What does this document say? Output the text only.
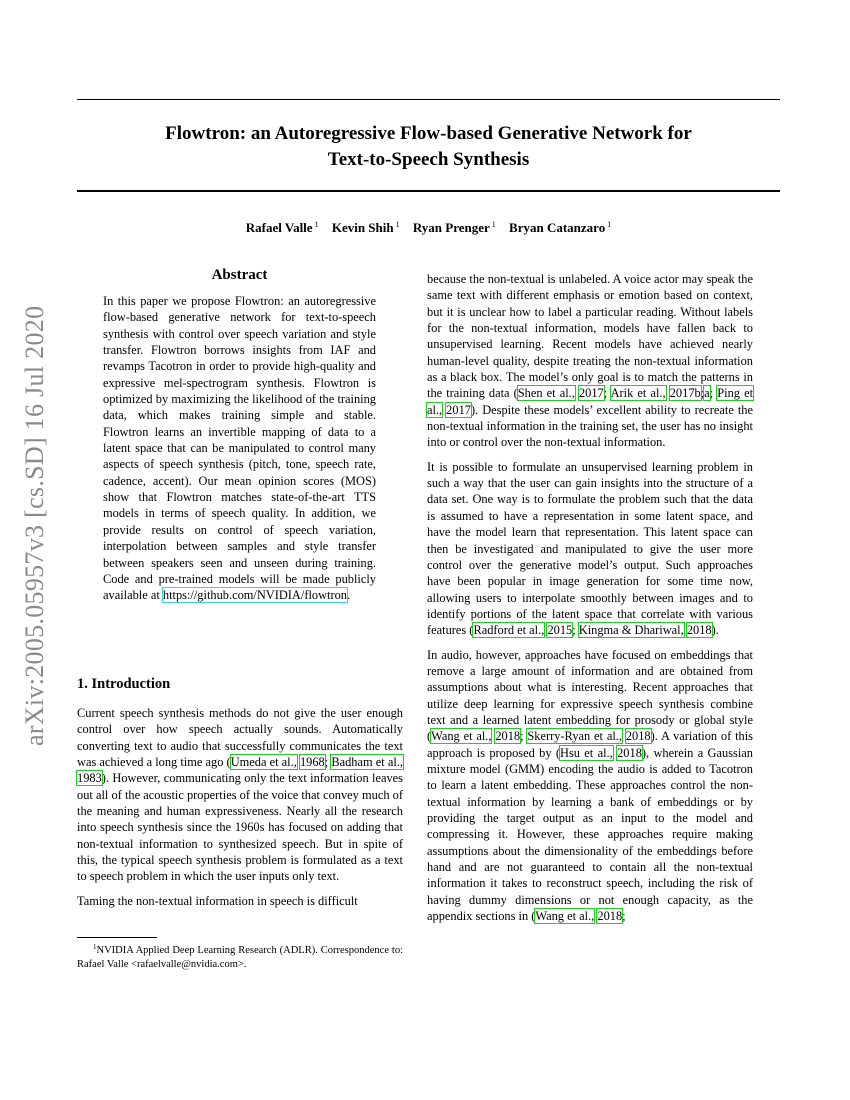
arXiv:2005.05957v3 [cs.SD] 16 Jul 2020
Flowtron: an Autoregressive Flow-based Generative Network for
Text-to-Speech Synthesis
Rafael Valle $^1$ Kevin Shih $^1$ Ryan Prenger $^1$ Bryan Catanzaro $^1$
Abstract

In this paper we propose Flowtron: an autoregressive flow-based generative network for text-to-speech synthesis with control over speech variation and style transfer. Flowtron borrows insights from IAF and revamps Tacotron in order to provide high-quality and expressive mel-spectrogram synthesis. Flowtron is optimized by maximizing the likelihood of the training data, which makes training simple and stable. Flowtron learns an invertible mapping of data to a latent space that can be manipulated to control many aspects of speech synthesis (pitch, tone, speech rate, cadence, accent). Our mean opinion scores (MOS) show that Flowtron matches state-of-the-art TTS models in terms of speech quality. In addition, we provide results on control of speech variation, interpolation between samples and style transfer between speakers seen and unseen during training. Code and pre-trained models will be made publicly available at https://github.com/NVIDIA/flowtron.

1. Introduction

Current speech synthesis methods do not give the user enough control over how speech actually sounds. Automatically converting text to audio that successfully communicates the text was achieved a long time ago (Umeda et al., 1968; Badham et al., 1983). However, communicating only the text information leaves out all of the acoustic properties of the voice that convey much of the meaning and human expressiveness. Nearly all the research into speech synthesis since the 1960s has focused on adding that non-textual information to synthesized speech. But in spite of this, the typical speech synthesis problem is formulated as a text to speech problem in which the user inputs only text.

Taming the non-textual information in speech is difficult

$^1$NVIDIA Applied Deep Learning Research (ADLR). Correspondence to: Rafael Valle <rafaelvalle@nvidia.com>.

because the non-textual is unlabeled. A voice actor may speak the same text with different emphasis or emotion based on context, but it is unclear how to label a particular reading. Without labels for the non-textual information, models have fallen back to unsupervised learning. Recent models have achieved nearly human-level quality, despite treating the non-textual information as a black box. The model’s only goal is to match the patterns in the training data (Shen et al., 2017; Arik et al., 2017b;a; Ping et al., 2017). Despite these models’ excellent ability to recreate the non-textual information in the training set, the user has no insight into or control over the non-textual information.

It is possible to formulate an unsupervised learning problem in such a way that the user can gain insights into the structure of a data set. One way is to formulate the problem such that the data is assumed to have a representation in some latent space, and have the model learn that representation. This latent space can then be investigated and manipulated to give the user more control over the generative model’s output. Such approaches have been popular in image generation for some time now, allowing users to interpolate smoothly between images and to identify portions of the latent space that correlate with various features (Radford et al., 2015; Kingma & Dhariwal, 2018).

In audio, however, approaches have focused on embeddings that remove a large amount of information and are obtained from assumptions about what is interesting. Recent approaches that utilize deep learning for expressive speech synthesis combine text and a learned latent embedding for prosody or global style (Wang et al., 2018; Skerry-Ryan et al., 2018). A variation of this approach is proposed by (Hsu et al., 2018), wherein a Gaussian mixture model (GMM) encoding the audio is added to Tacotron to learn a latent embedding. These approaches control the non-textual information by learning a bank of embeddings or by providing the target output as an input to the model and compressing it. However, these approaches require making assumptions about the dimensionality of the embeddings before hand and are not guaranteed to contain all the non-textual information it takes to reconstruct speech, including the risk of having dummy dimensions or not enough capacity, as the appendix sections in (Wang et al., 2018;
